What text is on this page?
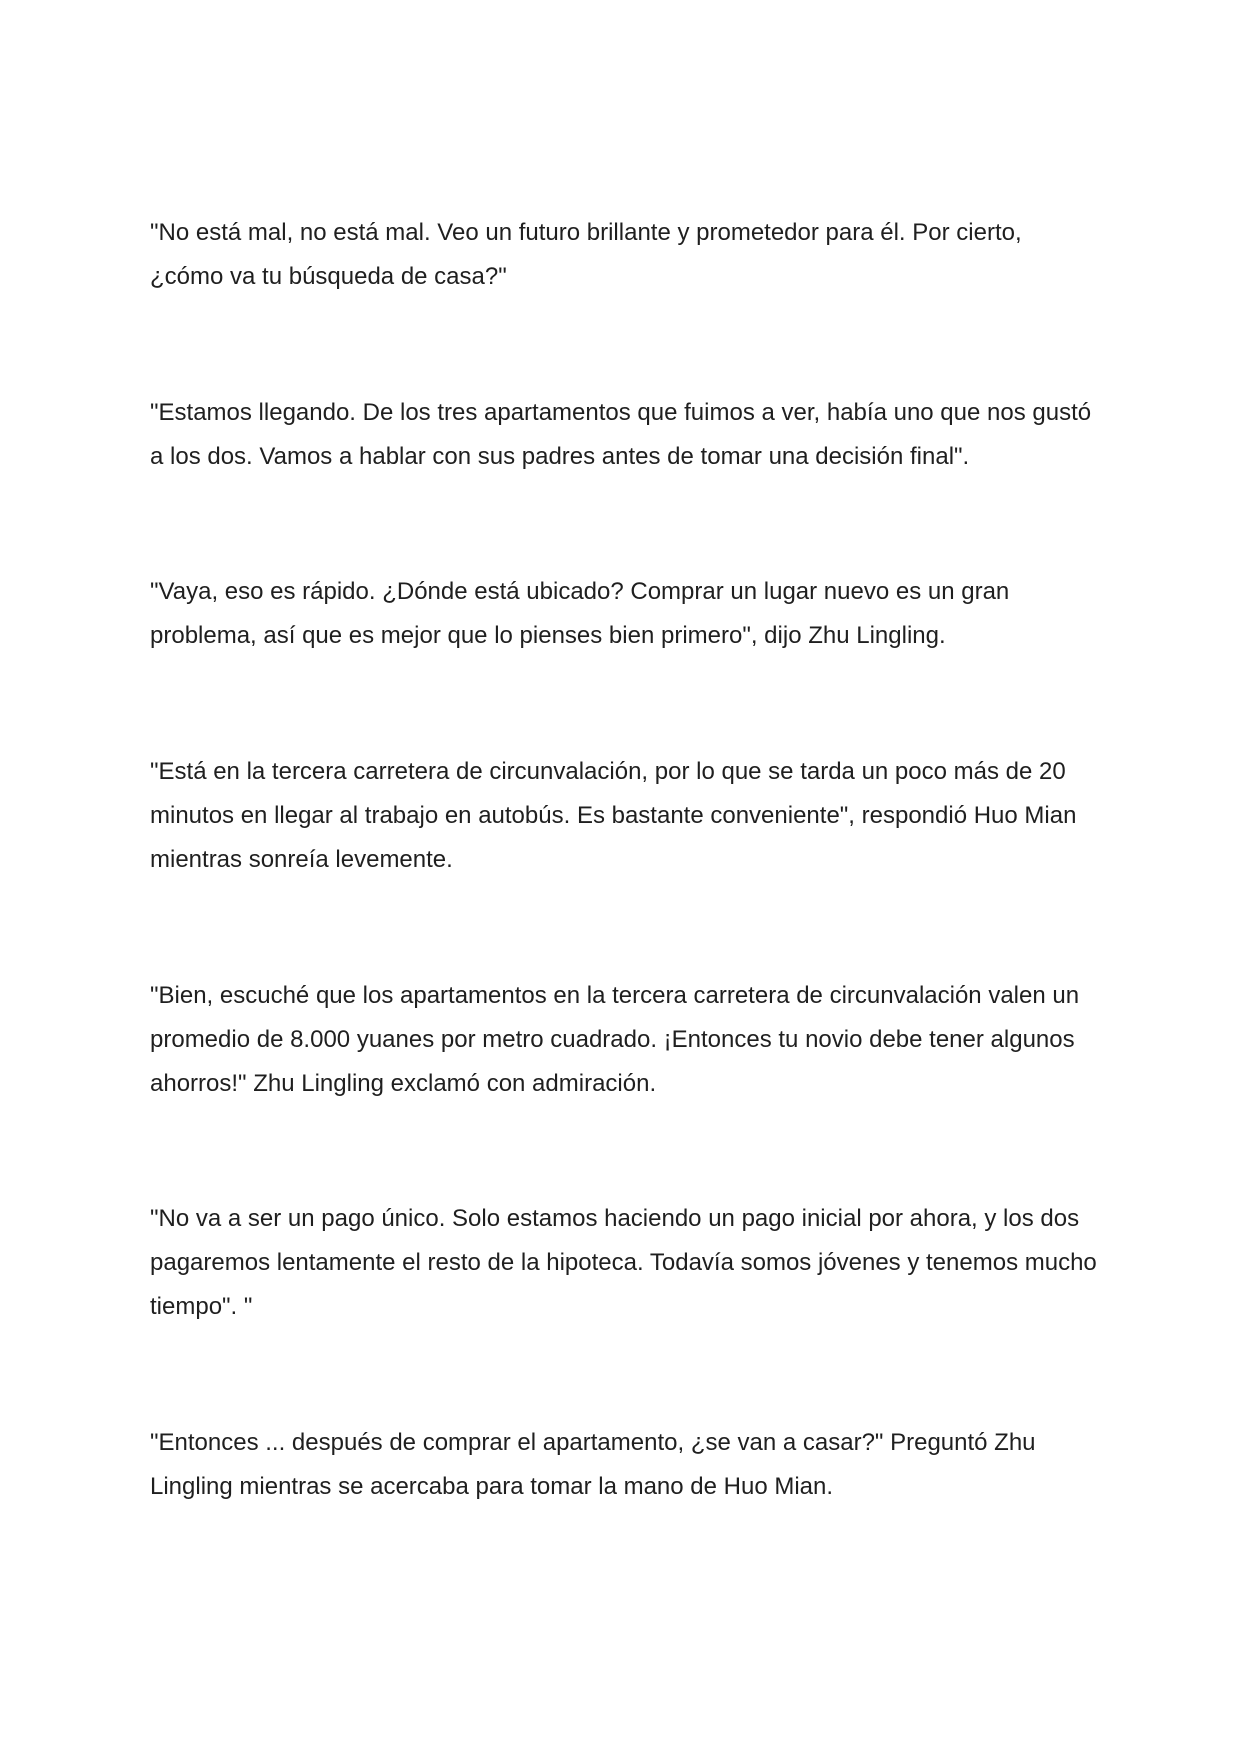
"No está mal, no está mal. Veo un futuro brillante y prometedor para él. Por cierto, ¿cómo va tu búsqueda de casa?"

"Estamos llegando. De los tres apartamentos que fuimos a ver, había uno que nos gustó a los dos. Vamos a hablar con sus padres antes de tomar una decisión final".

"Vaya, eso es rápido. ¿Dónde está ubicado? Comprar un lugar nuevo es un gran problema, así que es mejor que lo pienses bien primero", dijo Zhu Lingling.

"Está en la tercera carretera de circunvalación, por lo que se tarda un poco más de 20 minutos en llegar al trabajo en autobús. Es bastante conveniente", respondió Huo Mian mientras sonreía levemente.

"Bien, escuché que los apartamentos en la tercera carretera de circunvalación valen un promedio de 8.000 yuanes por metro cuadrado. ¡Entonces tu novio debe tener algunos ahorros!" Zhu Lingling exclamó con admiración.

"No va a ser un pago único. Solo estamos haciendo un pago inicial por ahora, y los dos pagaremos lentamente el resto de la hipoteca. Todavía somos jóvenes y tenemos mucho tiempo". "

"Entonces ... después de comprar el apartamento, ¿se van a casar?" Preguntó Zhu Lingling mientras se acercaba para tomar la mano de Huo Mian.
